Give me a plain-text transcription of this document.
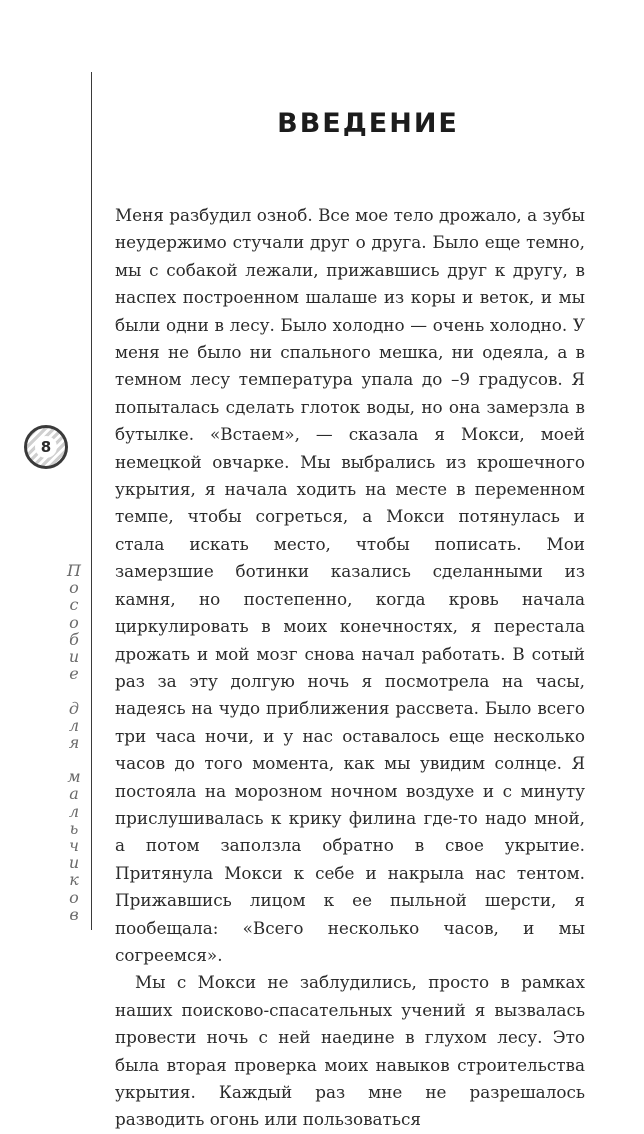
8
П
о
с
о
б
и
е
д
л
я
м
а
л
ь
ч
и
к
о
в
ВВЕДЕНИЕ

Меня разбудил озноб. Все мое тело дрожало, а зубы неудержимо стучали друг о друга. Было еще темно, мы с собакой лежали, прижавшись друг к другу, в наспех построенном шалаше из коры и веток, и мы были одни в лесу. Было холодно — очень холодно. У меня не было ни спального мешка, ни одеяла, а в темном лесу температура упала до –9 градусов. Я попыталась сделать глоток воды, но она замерзла в бутылке. «Встаем», — сказала я Мокси, моей немецкой овчарке. Мы выбрались из крошечного укрытия, я начала ходить на месте в переменном темпе, чтобы согреться, а Мокси потянулась и стала искать место, чтобы пописать. Мои замерзшие ботинки казались сделанными из камня, но постепенно, когда кровь начала циркулировать в моих конечностях, я перестала дрожать и мой мозг снова начал работать. В сотый раз за эту долгую ночь я посмотрела на часы, надеясь на чудо приближения рассвета. Было всего три часа ночи, и у нас оставалось еще несколько часов до того момента, как мы увидим солнце. Я постояла на морозном ночном воздухе и с минуту прислушивалась к крику филина где-то надо мной, а потом заползла обратно в свое укрытие. Притянула Мокси к себе и накрыла нас тентом. Прижавшись лицом к ее пыльной шерсти, я пообещала: «Всего несколько часов, и мы согреемся».

Мы с Мокси не заблудились, просто в рамках наших поисково-спасательных учений я вызвалась провести ночь с ней наедине в глухом лесу. Это была вторая проверка моих навыков строительства укрытия. Каждый раз мне не разрешалось разводить огонь или пользоваться
